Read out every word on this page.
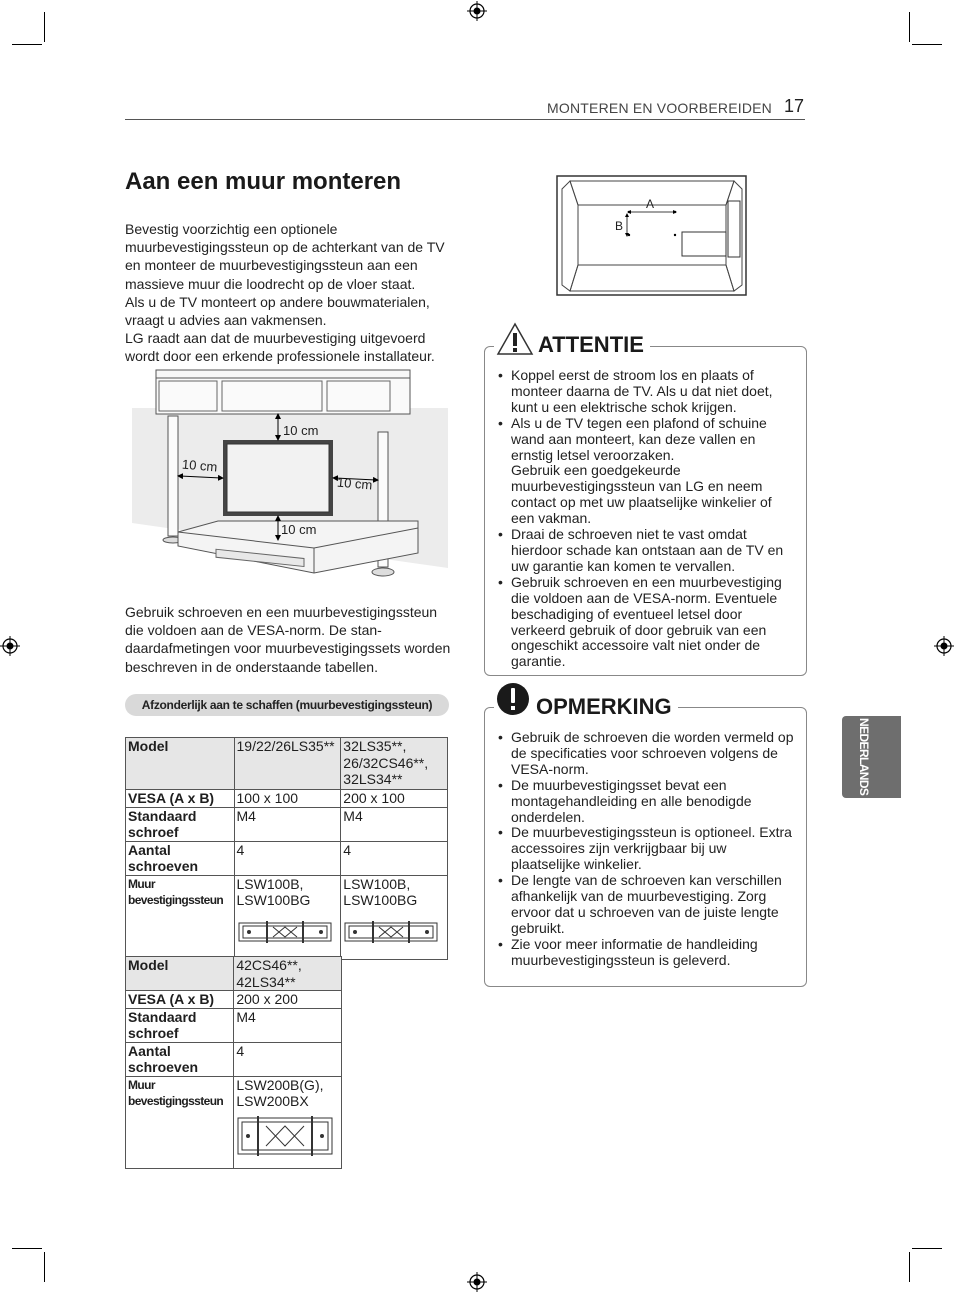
MONTEREN EN VOORBEREIDEN 17
Aan een muur monteren
Bevestig voorzichtig een optionele muurbevestigingssteun op de achterkant van de TV en monteer de muurbevestigingssteun aan een massieve muur die loodrecht op de vloer staat.
Als u de TV monteert op andere bouwmaterialen, vraagt u advies aan vakmensen.
LG raadt aan dat de muurbevestiging uitgevoerd wordt door een erkende professionele installateur.
10 cm
10 cm
10 cm
10 cm
Gebruik schroeven en een muurbevestigingssteun die voldoen aan de VESA-norm. De stan-daardafmetingen voor muurbevestigingssets worden beschreven in de onderstaande tabellen.
Afzonderlijk aan te schaffen (muurbevestigingssteun)
Model	19/22/26LS35**	32LS35**, 26/32CS46**, 32LS34**
VESA (A x B)	100 x 100	200 x 100
Standaard schroef	M4	M4
Aantal schroeven	4	4
Muur bevestigingssteun	LSW100B, LSW100BG	LSW100B, LSW100BG
Model	42CS46**, 42LS34**
VESA (A x B)	200 x 200
Standaard schroef	M4
Aantal schroeven	4
Muur bevestigingssteun	LSW200B(G), LSW200BX
A
B
ATTENTIE
• Koppel eerst de stroom los en plaats of monteer daarna de TV. Als u dat niet doet, kunt u een elektrische schok krijgen.
• Als u de TV tegen een plafond of schuine wand aan monteert, kan deze vallen en ernstig letsel veroorzaken.
Gebruik een goedgekeurde muurbevestigingssteun van LG en neem contact op met uw plaatselijke winkelier of een vakman.
• Draai de schroeven niet te vast omdat hierdoor schade kan ontstaan aan de TV en uw garantie kan komen te vervallen.
• Gebruik schroeven en een muurbevestiging die voldoen aan de VESA-norm. Eventuele beschadiging of eventueel letsel door verkeerd gebruik of door gebruik van een ongeschikt accessoire valt niet onder de garantie.
OPMERKING
• Gebruik de schroeven die worden vermeld op de specificaties voor schroeven volgens de VESA-norm.
• De muurbevestigingsset bevat een montagehandleiding en alle benodigde onderdelen.
• De muurbevestigingssteun is optioneel. Extra accessoires zijn verkrijgbaar bij uw plaatselijke winkelier.
• De lengte van de schroeven kan verschillen afhankelijk van de muurbevestiging. Zorg ervoor dat u schroeven van de juiste lengte gebruikt.
• Zie voor meer informatie de handleiding muurbevestigingssteun is geleverd.
NEDERLANDS
